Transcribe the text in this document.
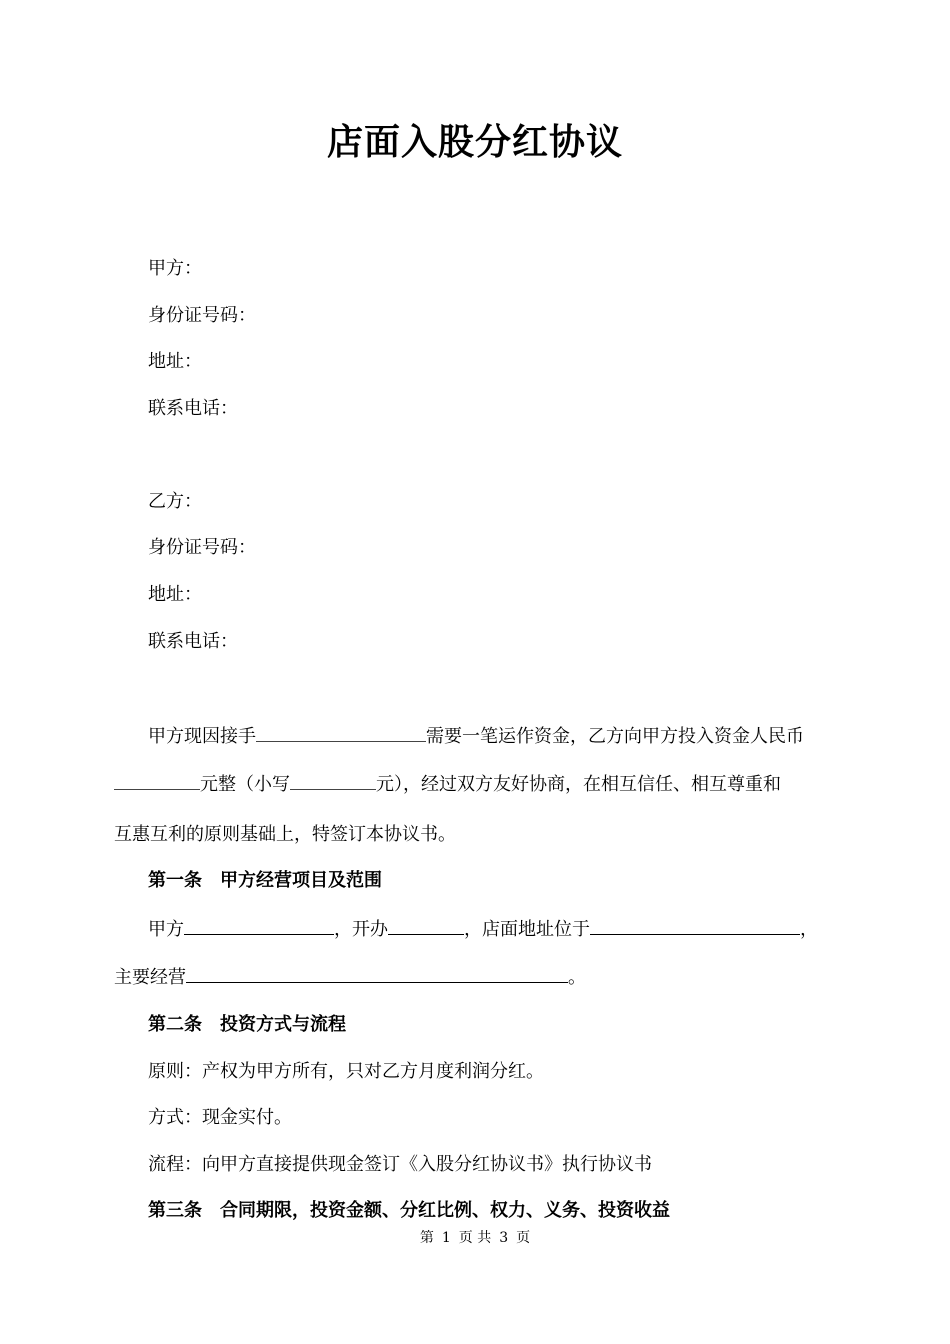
店面入股分红协议
甲方：
身份证号码：
地址：
联系电话：
乙方：
身份证号码：
地址：
联系电话：
甲方现因接手	需要一笔运作资金，乙方向甲方投入资金人民币
元整（小写	元），经过双方友好协商，在相互信任、相互尊重和
互惠互利的原则基础上，特签订本协议书。
第一条　甲方经营项目及范围
甲方	，开办	，店面地址位于	，
主要经营	。
第二条　投资方式与流程
原则：产权为甲方所有，只对乙方月度利润分红。
方式：现金实付。
流程：向甲方直接提供现金签订《入股分红协议书》执行协议书
第三条　合同期限，投资金额、分红比例、权力、义务、投资收益
第 1 页 共 3 页
